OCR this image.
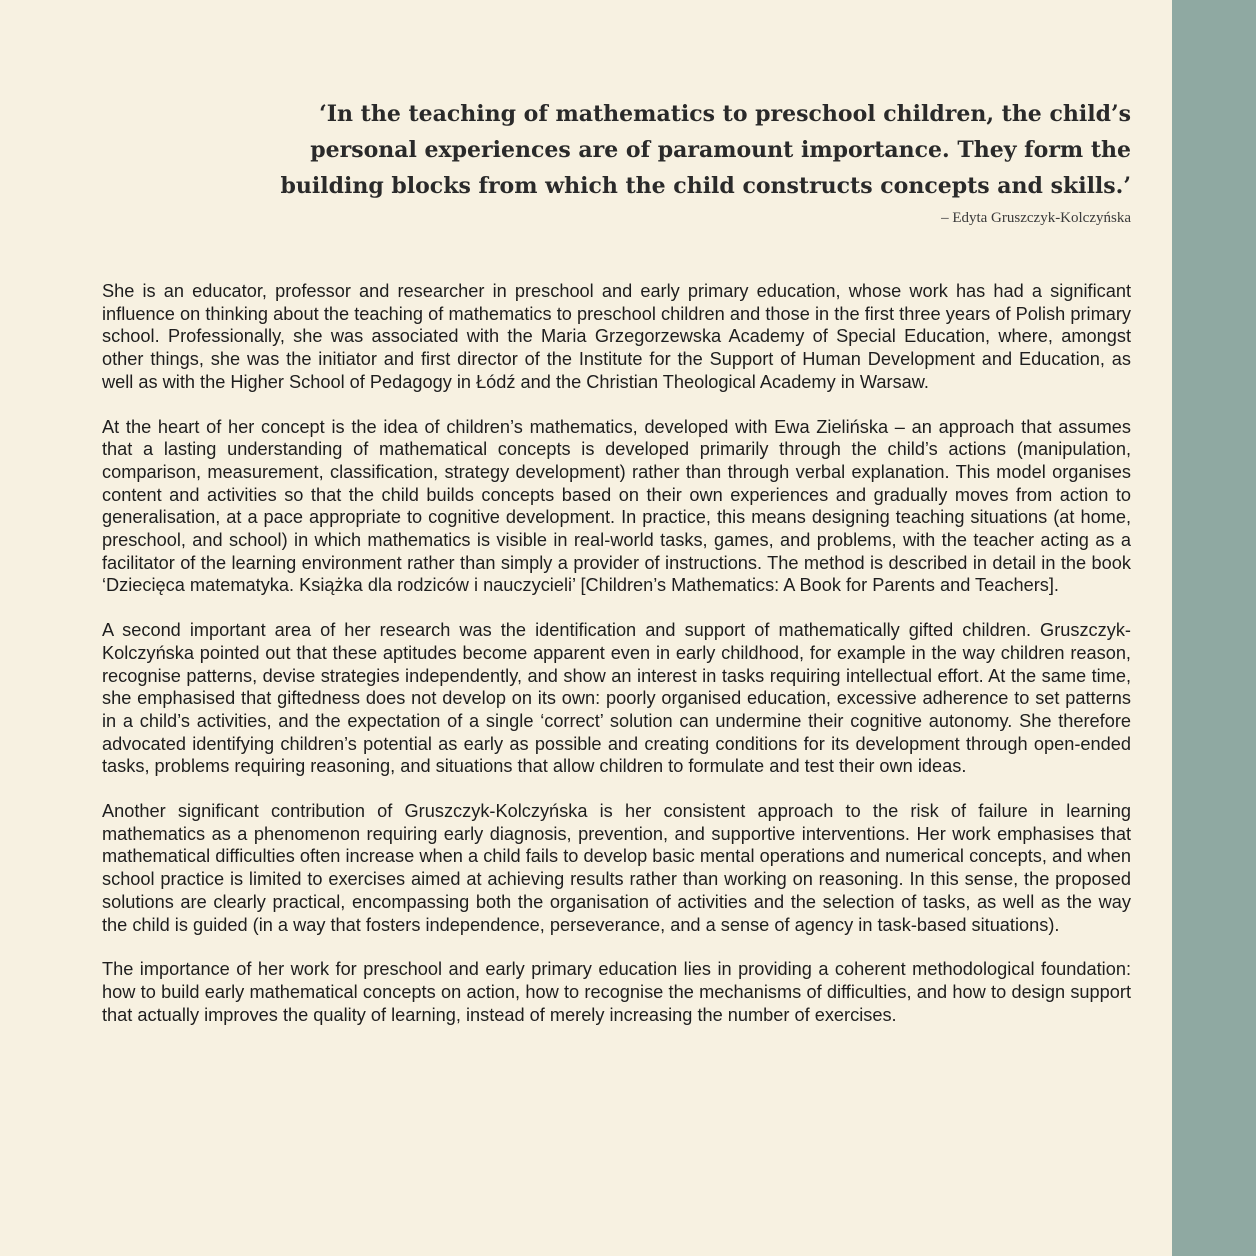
‘In the teaching of mathematics to preschool children, the child’s personal experiences are of paramount importance. They form the building blocks from which the child constructs concepts and skills.’
– Edyta Gruszczyk-Kolczyńska

She is an educator, professor and researcher in preschool and early primary education, whose work has had a significant influence on thinking about the teaching of mathematics to preschool children and those in the first three years of Polish primary school. Professionally, she was associated with the Maria Grzegorzewska Academy of Special Education, where, amongst other things, she was the initiator and first director of the Institute for the Support of Human Development and Education, as well as with the Higher School of Pedagogy in Łódź and the Christian Theological Academy in Warsaw.

At the heart of her concept is the idea of children’s mathematics, developed with Ewa Zielińska – an approach that assumes that a lasting understanding of mathematical concepts is developed primarily through the child’s actions (manipulation, comparison, measurement, classification, strategy development) rather than through verbal explanation. This model organises content and activities so that the child builds concepts based on their own experiences and gradually moves from action to generalisation, at a pace appropriate to cognitive development. In practice, this means designing teaching situations (at home, preschool, and school) in which mathematics is visible in real-world tasks, games, and problems, with the teacher acting as a facilitator of the learning environment rather than simply a provider of instructions. The method is described in detail in the book ‘Dziecięca matematyka. Książka dla rodziców i nauczycieli’ [Children’s Mathematics: A Book for Parents and Teachers].

A second important area of her research was the identification and support of mathematically gifted children. Gruszczyk-Kolczyńska pointed out that these aptitudes become apparent even in early childhood, for example in the way children reason, recognise patterns, devise strategies independently, and show an interest in tasks requiring intellectual effort. At the same time, she emphasised that giftedness does not develop on its own: poorly organised education, excessive adherence to set patterns in a child’s activities, and the expectation of a single ‘correct’ solution can undermine their cognitive autonomy. She therefore advocated identifying children’s potential as early as possible and creating conditions for its development through open-ended tasks, problems requiring reasoning, and situations that allow children to formulate and test their own ideas.

Another significant contribution of Gruszczyk-Kolczyńska is her consistent approach to the risk of failure in learning mathematics as a phenomenon requiring early diagnosis, prevention, and supportive interventions. Her work emphasises that mathematical difficulties often increase when a child fails to develop basic mental operations and numerical concepts, and when school practice is limited to exercises aimed at achieving results rather than working on reasoning. In this sense, the proposed solutions are clearly practical, encompassing both the organisation of activities and the selection of tasks, as well as the way the child is guided (in a way that fosters independence, perseverance, and a sense of agency in task-based situations).

The importance of her work for preschool and early primary education lies in providing a coherent methodological foundation: how to build early mathematical concepts on action, how to recognise the mechanisms of difficulties, and how to design support that actually improves the quality of learning, instead of merely increasing the number of exercises.
